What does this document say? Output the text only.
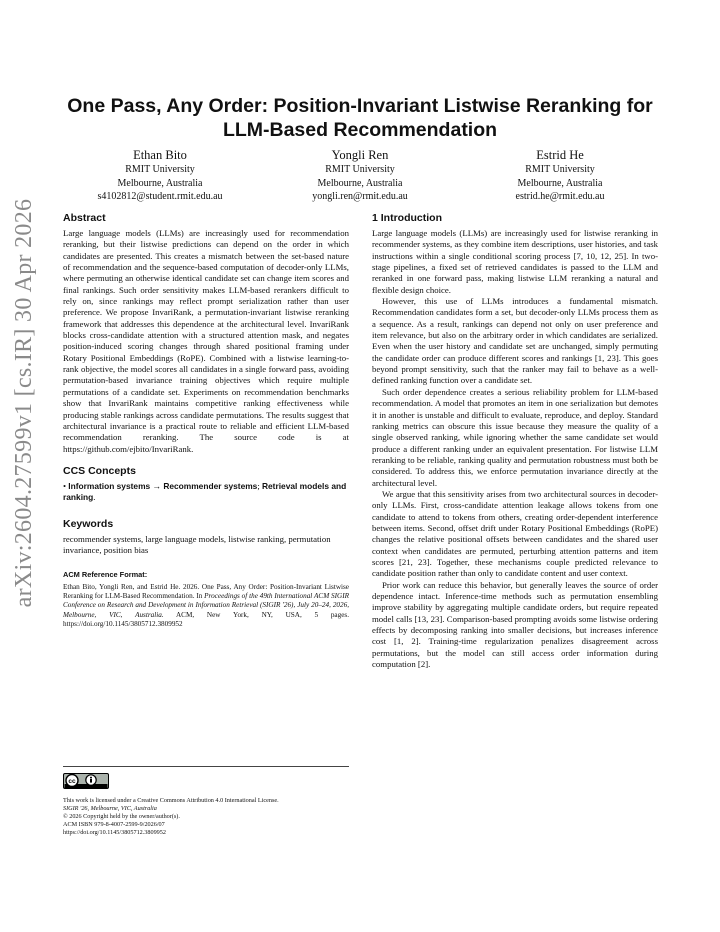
arXiv:2604.27599v1 [cs.IR] 30 Apr 2026
One Pass, Any Order: Position-Invariant Listwise Reranking for LLM-Based Recommendation
Ethan Bito
RMIT University
Melbourne, Australia
s4102812@student.rmit.edu.au
Yongli Ren
RMIT University
Melbourne, Australia
yongli.ren@rmit.edu.au
Estrid He
RMIT University
Melbourne, Australia
estrid.he@rmit.edu.au
Abstract

Large language models (LLMs) are increasingly used for recommendation reranking, but their listwise predictions can depend on the order in which candidates are presented. This creates a mismatch between the set-based nature of recommendation and the sequence-based computation of decoder-only LLMs, where permuting an otherwise identical candidate set can change item scores and final rankings. Such order sensitivity makes LLM-based rerankers difficult to rely on, since rankings may reflect prompt serialization rather than user preference. We propose InvariRank, a permutation-invariant listwise reranking framework that addresses this dependence at the architectural level. InvariRank blocks cross-candidate attention with a structured attention mask, and negates position-induced scoring changes through shared positional framing under Rotary Positional Embeddings (RoPE). Combined with a listwise learning-to-rank objective, the model scores all candidates in a single forward pass, avoiding permutation-based invariance training objectives which require multiple permutations of a candidate set. Experiments on recommendation benchmarks show that InvariRank maintains competitive ranking effectiveness while producing stable rankings across candidate permutations. The results suggest that architectural invariance is a practical route to reliable and efficient LLM-based recommendation reranking. The source code is at https://github.com/ejbito/InvariRank.

CCS Concepts
• Information systems → Recommender systems; Retrieval models and ranking.
Keywords

recommender systems, large language models, listwise ranking, permutation invariance, position bias

ACM Reference Format:

Ethan Bito, Yongli Ren, and Estrid He. 2026. One Pass, Any Order: Position-Invariant Listwise Reranking for LLM-Based Recommendation. In Proceedings of the 49th International ACM SIGIR Conference on Research and Development in Information Retrieval (SIGIR '26), July 20–24, 2026, Melbourne, VIC, Australia. ACM, New York, NY, USA, 5 pages. https://doi.org/10.1145/3805712.3809952

cc
This work is licensed under a Creative Commons Attribution 4.0 International License.
SIGIR '26, Melbourne, VIC, Australia
© 2026 Copyright held by the owner/author(s).
ACM ISBN 979-8-4007-2599-9/2026/07
https://doi.org/10.1145/3805712.3809952
1 Introduction

Large language models (LLMs) are increasingly used for listwise reranking in recommender systems, as they combine item descriptions, user histories, and task instructions within a single conditional scoring process [7, 10, 12, 25]. In two-stage pipelines, a fixed set of retrieved candidates is passed to the LLM and reranked in one forward pass, making listwise LLM reranking a natural and flexible design choice.

However, this use of LLMs introduces a fundamental mismatch. Recommendation candidates form a set, but decoder-only LLMs process them as a sequence. As a result, rankings can depend not only on user preference and item relevance, but also on the arbitrary order in which candidates are serialized. Even when the user history and candidate set are unchanged, simply permuting the candidate order can produce different scores and rankings [1, 23]. This goes beyond prompt sensitivity, such that the ranker may fail to behave as a well-defined ranking function over a candidate set.

Such order dependence creates a serious reliability problem for LLM-based recommendation. A model that promotes an item in one serialization but demotes it in another is unstable and difficult to evaluate, reproduce, and deploy. Standard ranking metrics can obscure this issue because they measure the quality of a single observed ranking, while ignoring whether the same candidate set would produce a different ranking under an equivalent presentation. For listwise LLM reranking to be reliable, ranking quality and permutation robustness must both be considered. To address this, we enforce permutation invariance directly at the architectural level.

We argue that this sensitivity arises from two architectural sources in decoder-only LLMs. First, cross-candidate attention leakage allows tokens from one candidate to attend to tokens from others, creating order-dependent interference between items. Second, offset drift under Rotary Positional Embeddings (RoPE) changes the relative positional offsets between candidates and the shared user context when candidates are permuted, perturbing attention patterns and item scores [21, 23]. Together, these mechanisms couple predicted relevance to candidate position rather than only to candidate content and user context.

Prior work can reduce this behavior, but generally leaves the source of order dependence intact. Inference-time methods such as permutation ensembling improve stability by aggregating multiple candidate orders, but require repeated model calls [13, 23]. Comparison-based prompting avoids some listwise ordering effects by decomposing ranking into smaller decisions, but increases inference cost [1, 2]. Training-time regularization penalizes disagreement across permutations, but the model can still access order information during computation [2].
